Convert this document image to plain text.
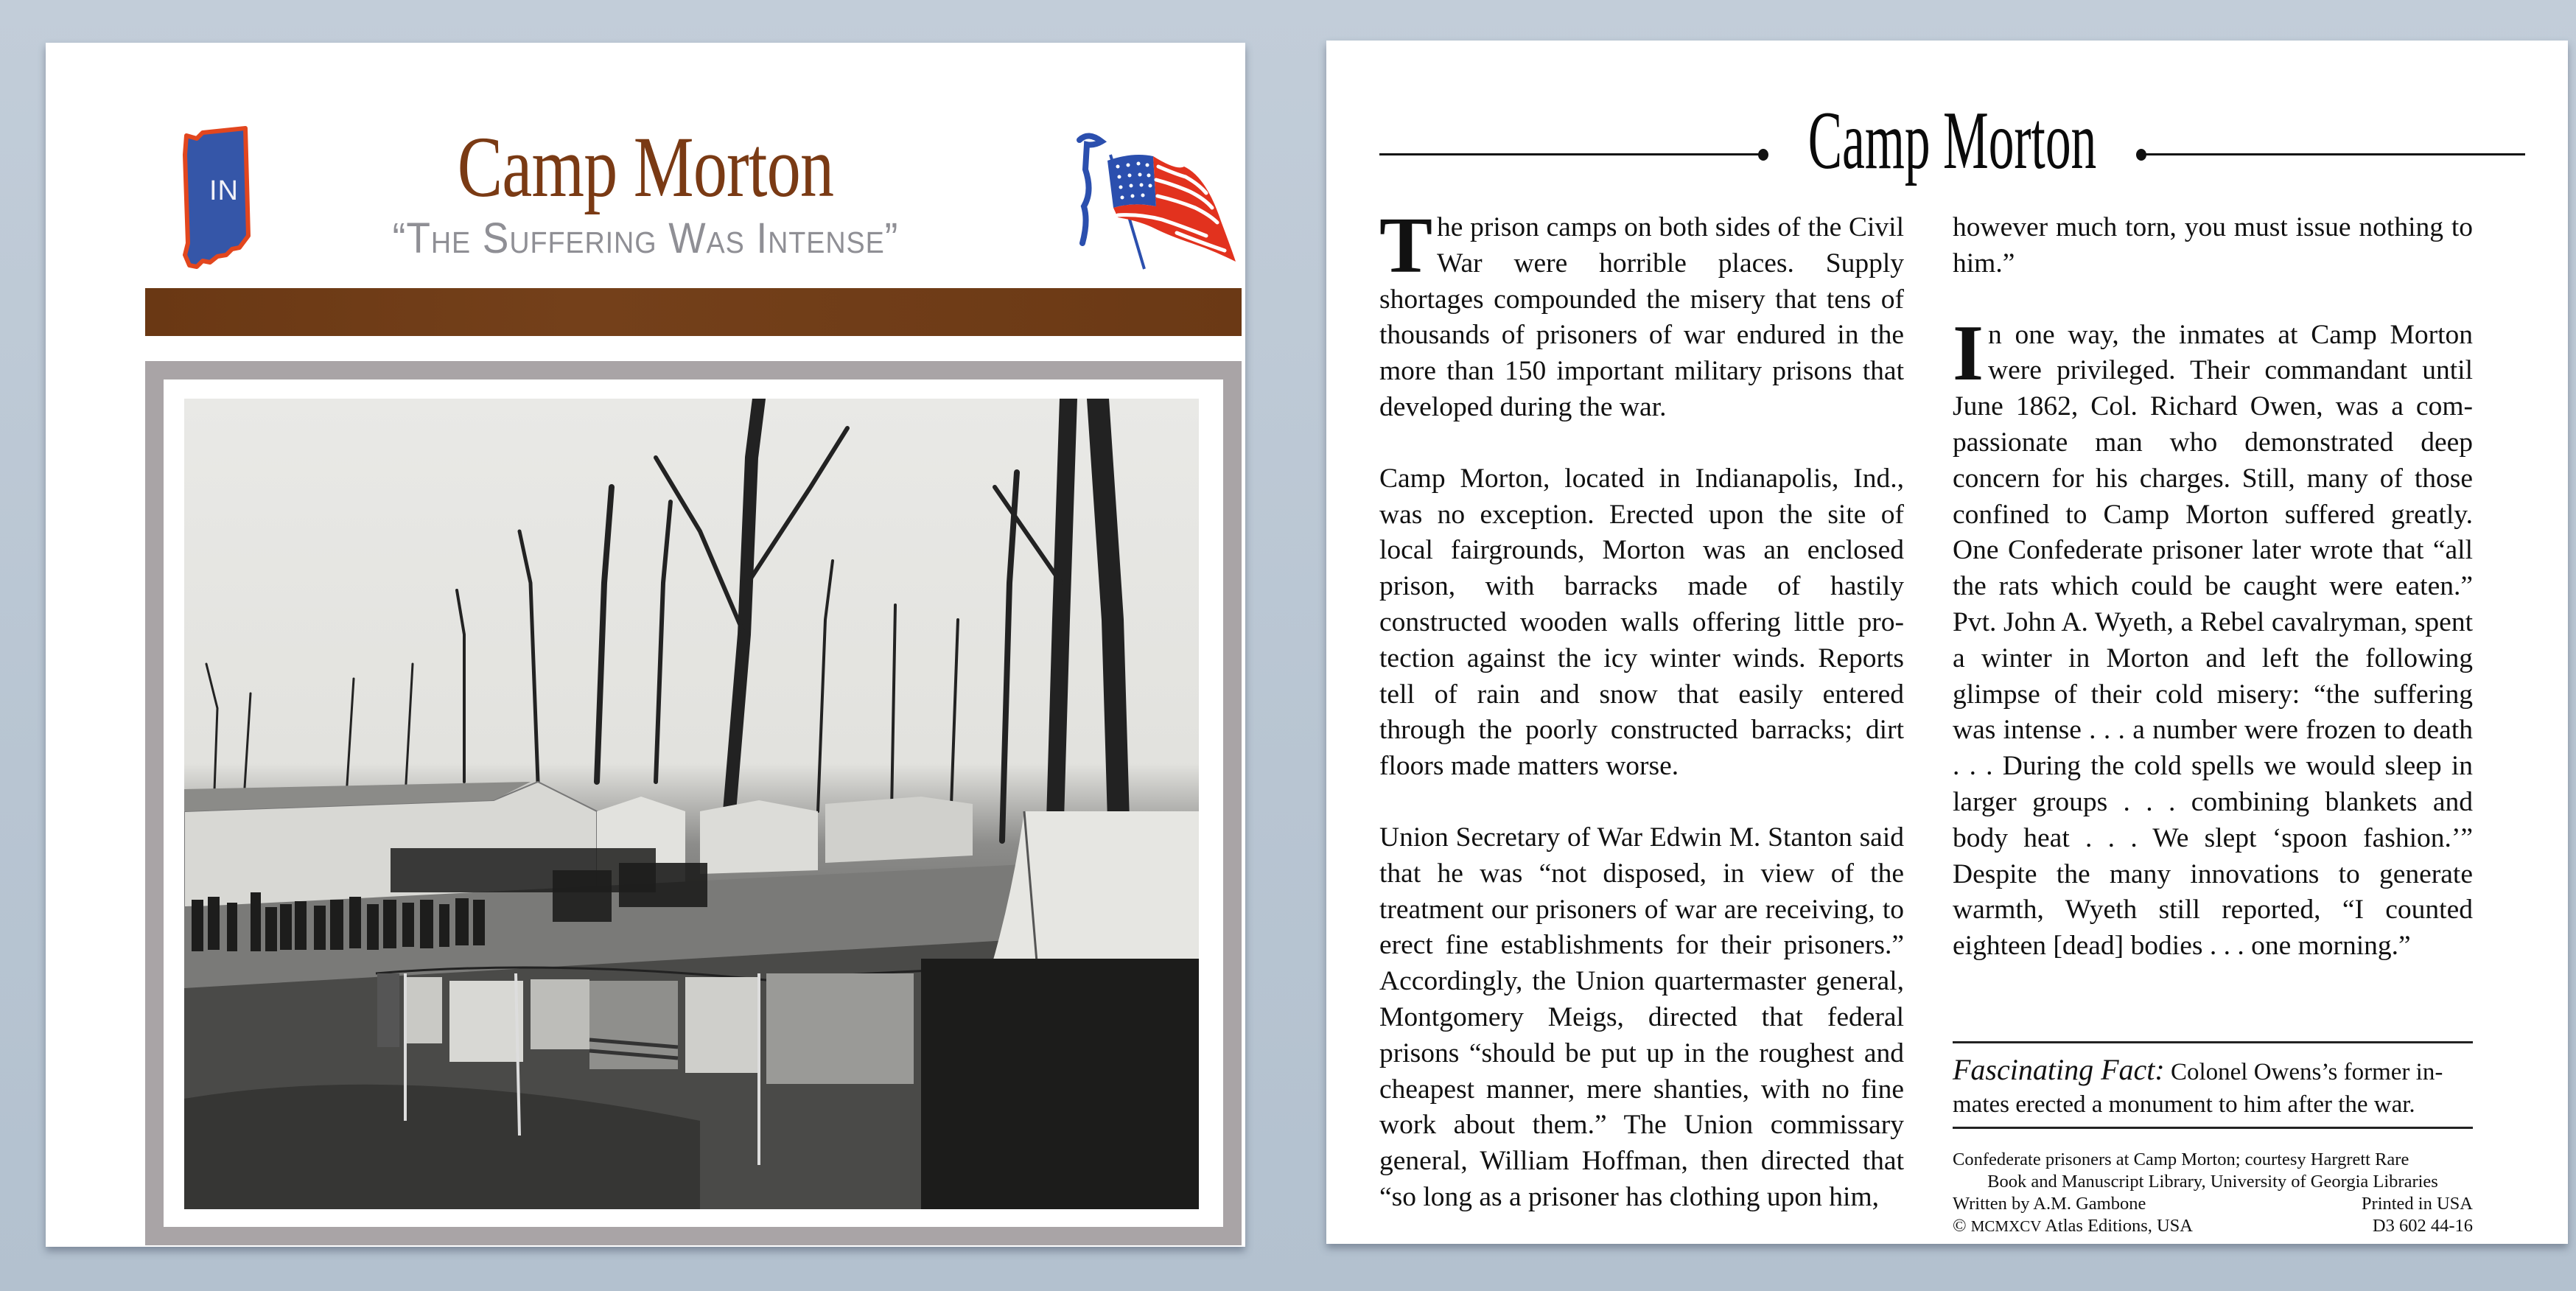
IN	Camp Morton
“The Suffering Was Intense”
Camp Morton

The prison camps on both sides of the Civil War were horrible places. Supply shortages compounded the misery that tens of thousands of prisoners of war endured in the more than 150 important military prisons that developed during the war.

Camp Morton, located in Indianapolis, Ind., was no exception. Erected upon the site of local fairgrounds, Morton was an enclosed prison, with barracks made of hastily constructed wooden walls offering little protection against the icy winter winds. Reports tell of rain and snow that easily entered through the poorly constructed barracks; dirt floors made matters worse.

Union Secretary of War Edwin M. Stanton said that he was “not disposed, in view of the treatment our prisoners of war are receiving, to erect fine establishments for their prisoners.” Accordingly, the Union quartermaster general, Montgomery Meigs, directed that federal prisons “should be put up in the roughest and cheapest manner, mere shanties, with no fine work about them.” The Union commissary general, William Hoffman, then directed that “so long as a prisoner has clothing upon him,

however much torn, you must issue nothing to him.”

In one way, the inmates at Camp Morton were privileged. Their commandant until June 1862, Col. Richard Owen, was a compassionate man who demonstrated deep concern for his charges. Still, many of those confined to Camp Morton suffered greatly. One Confederate prisoner later wrote that “all the rats which could be caught were eaten.” Pvt. John A. Wyeth, a Rebel cavalryman, spent a winter in Morton and left the following glimpse of their cold misery: “the suffering was intense . . . a number were frozen to death . . . During the cold spells we would sleep in larger groups . . . combining blankets and body heat . . . We slept ‘spoon fashion.’” Despite the many innovations to generate warmth, Wyeth still reported, “I counted eighteen [dead] bodies . . . one morning.”

Fascinating Fact: Colonel Owens’s former inmates erected a monument to him after the war.
Confederate prisoners at Camp Morton; courtesy Hargrett Rare
Book and Manuscript Library, University of Georgia Libraries
Written by A.M. Gambone	Printed in USA
© MCMXCV Atlas Editions, USA	D3 602 44-16
